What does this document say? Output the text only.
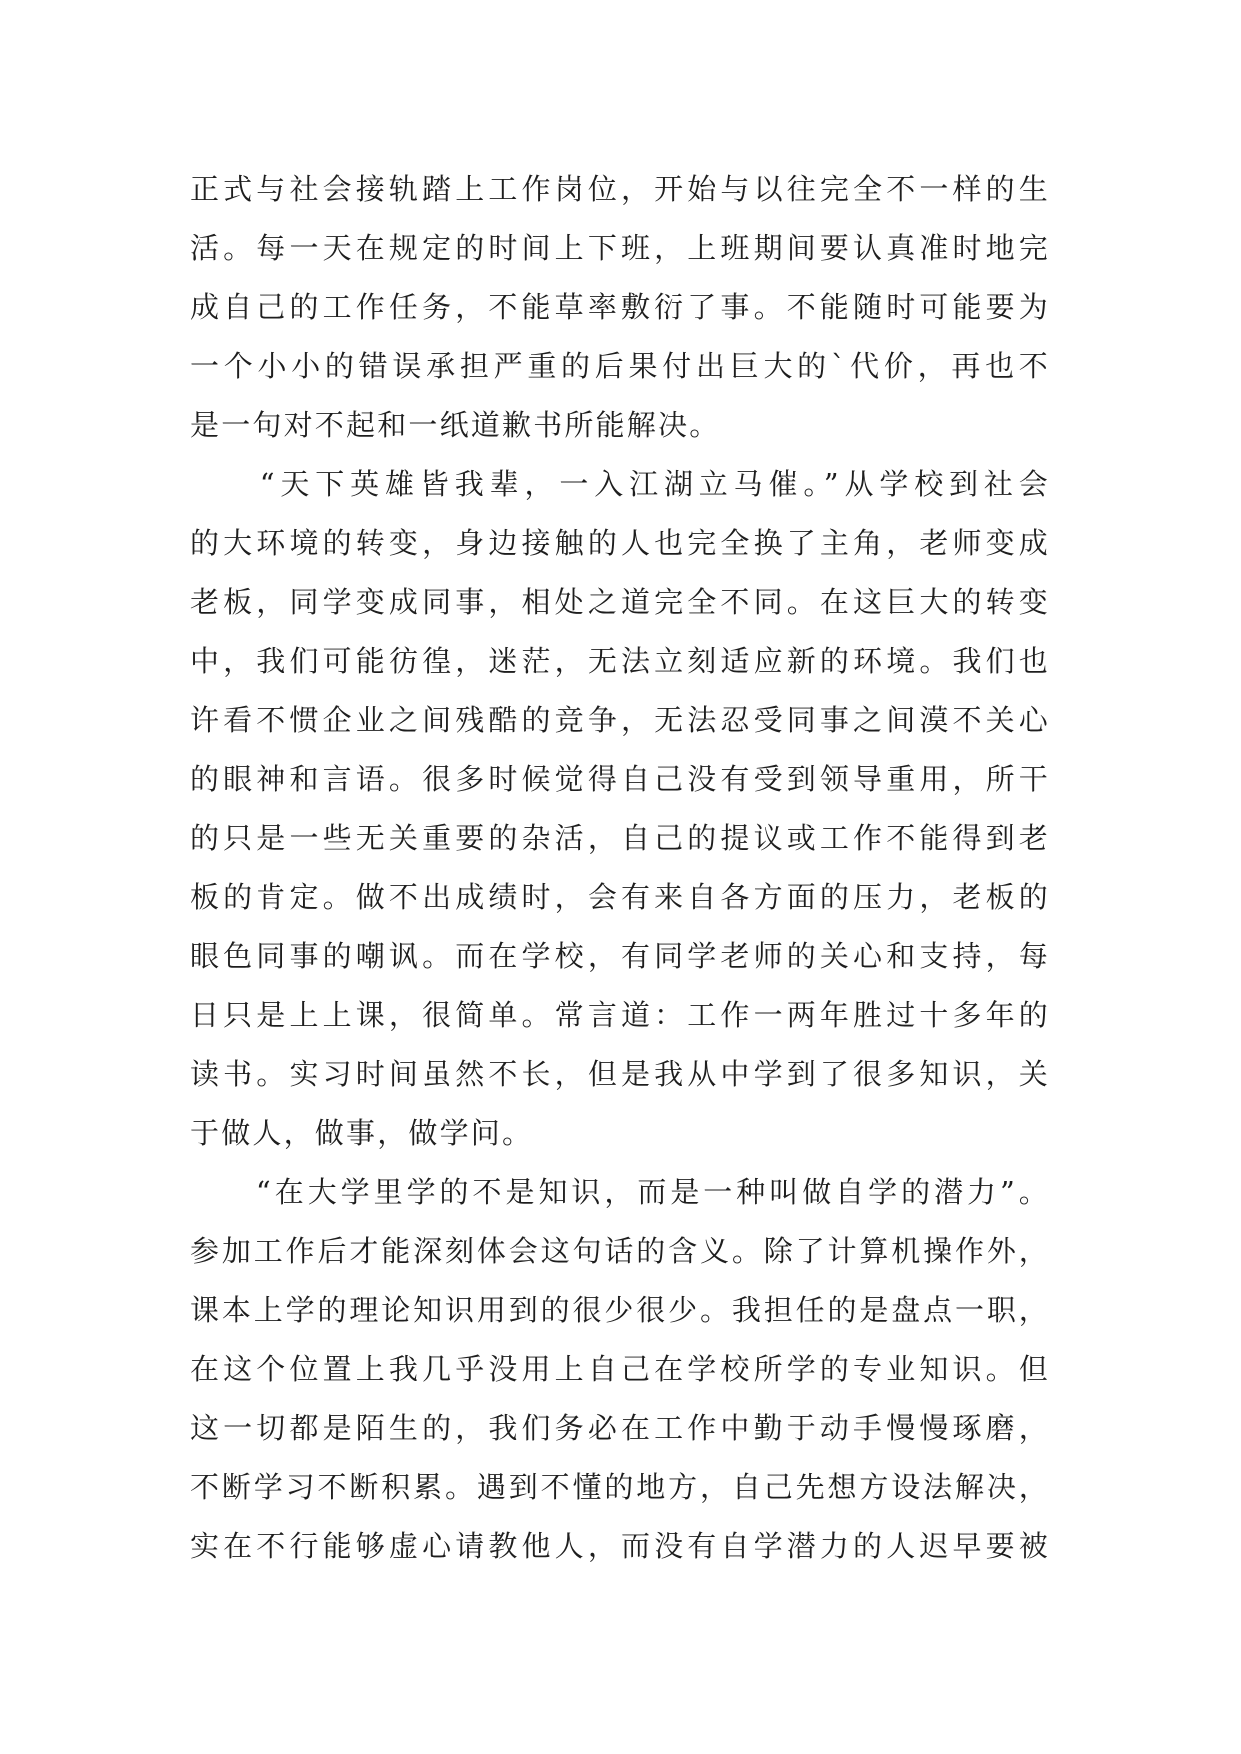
正式与社会接轨踏上工作岗位，开始与以往完全不一样的生
活。每一天在规定的时间上下班，上班期间要认真准时地完
成自己的工作任务，不能草率敷衍了事。不能随时可能要为
一个小小的错误承担严重的后果付出巨大的`代价，再也不
是一句对不起和一纸道歉书所能解决。
　　“天下英雄皆我辈，一入江湖立马催。”从学校到社会
的大环境的转变，身边接触的人也完全换了主角，老师变成
老板，同学变成同事，相处之道完全不同。在这巨大的转变
中，我们可能彷徨，迷茫，无法立刻适应新的环境。我们也
许看不惯企业之间残酷的竞争，无法忍受同事之间漠不关心
的眼神和言语。很多时候觉得自己没有受到领导重用，所干
的只是一些无关重要的杂活，自己的提议或工作不能得到老
板的肯定。做不出成绩时，会有来自各方面的压力，老板的
眼色同事的嘲讽。而在学校，有同学老师的关心和支持，每
日只是上上课，很简单。常言道：工作一两年胜过十多年的
读书。实习时间虽然不长，但是我从中学到了很多知识，关
于做人，做事，做学问。
　　“在大学里学的不是知识，而是一种叫做自学的潜力”。
参加工作后才能深刻体会这句话的含义。除了计算机操作外，
课本上学的理论知识用到的很少很少。我担任的是盘点一职，
在这个位置上我几乎没用上自己在学校所学的专业知识。但
这一切都是陌生的，我们务必在工作中勤于动手慢慢琢磨，
不断学习不断积累。遇到不懂的地方，自己先想方设法解决，
实在不行能够虚心请教他人，而没有自学潜力的人迟早要被
